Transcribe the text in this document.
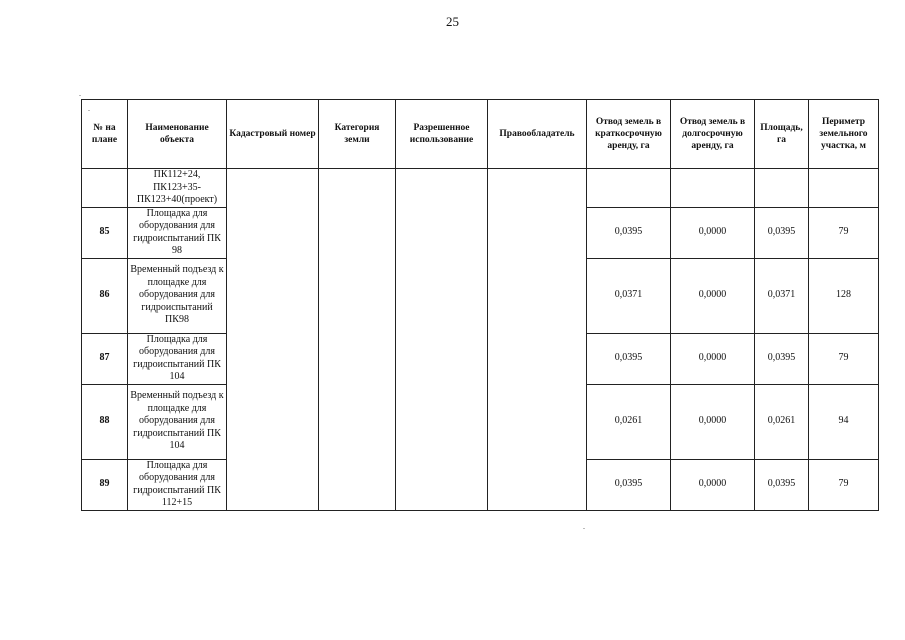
25
№ на плане	Наименование объекта	Кадастровый номер	Категория земли	Разрешенное использование	Правообладатель	Отвод земель в краткосрочную аренду, га	Отвод земель в долгосрочную аренду, га	Площадь, га	Периметр земельного участка, м
	ПК112+24, ПК123+35-ПК123+40(проект)								
85	Площадка для оборудования для гидроиспытаний ПК 98					0,0395	0,0000	0,0395	79
86	Временный подъезд к площадке для оборудования для гидроиспытаний ПК98					0,0371	0,0000	0,0371	128
87	Площадка для оборудования для гидроиспытаний ПК 104					0,0395	0,0000	0,0395	79
88	Временный подъезд к площадке для оборудования для гидроиспытаний ПК 104					0,0261	0,0000	0,0261	94
89	Площадка для оборудования для гидроиспытаний ПК 112+15					0,0395	0,0000	0,0395	79
